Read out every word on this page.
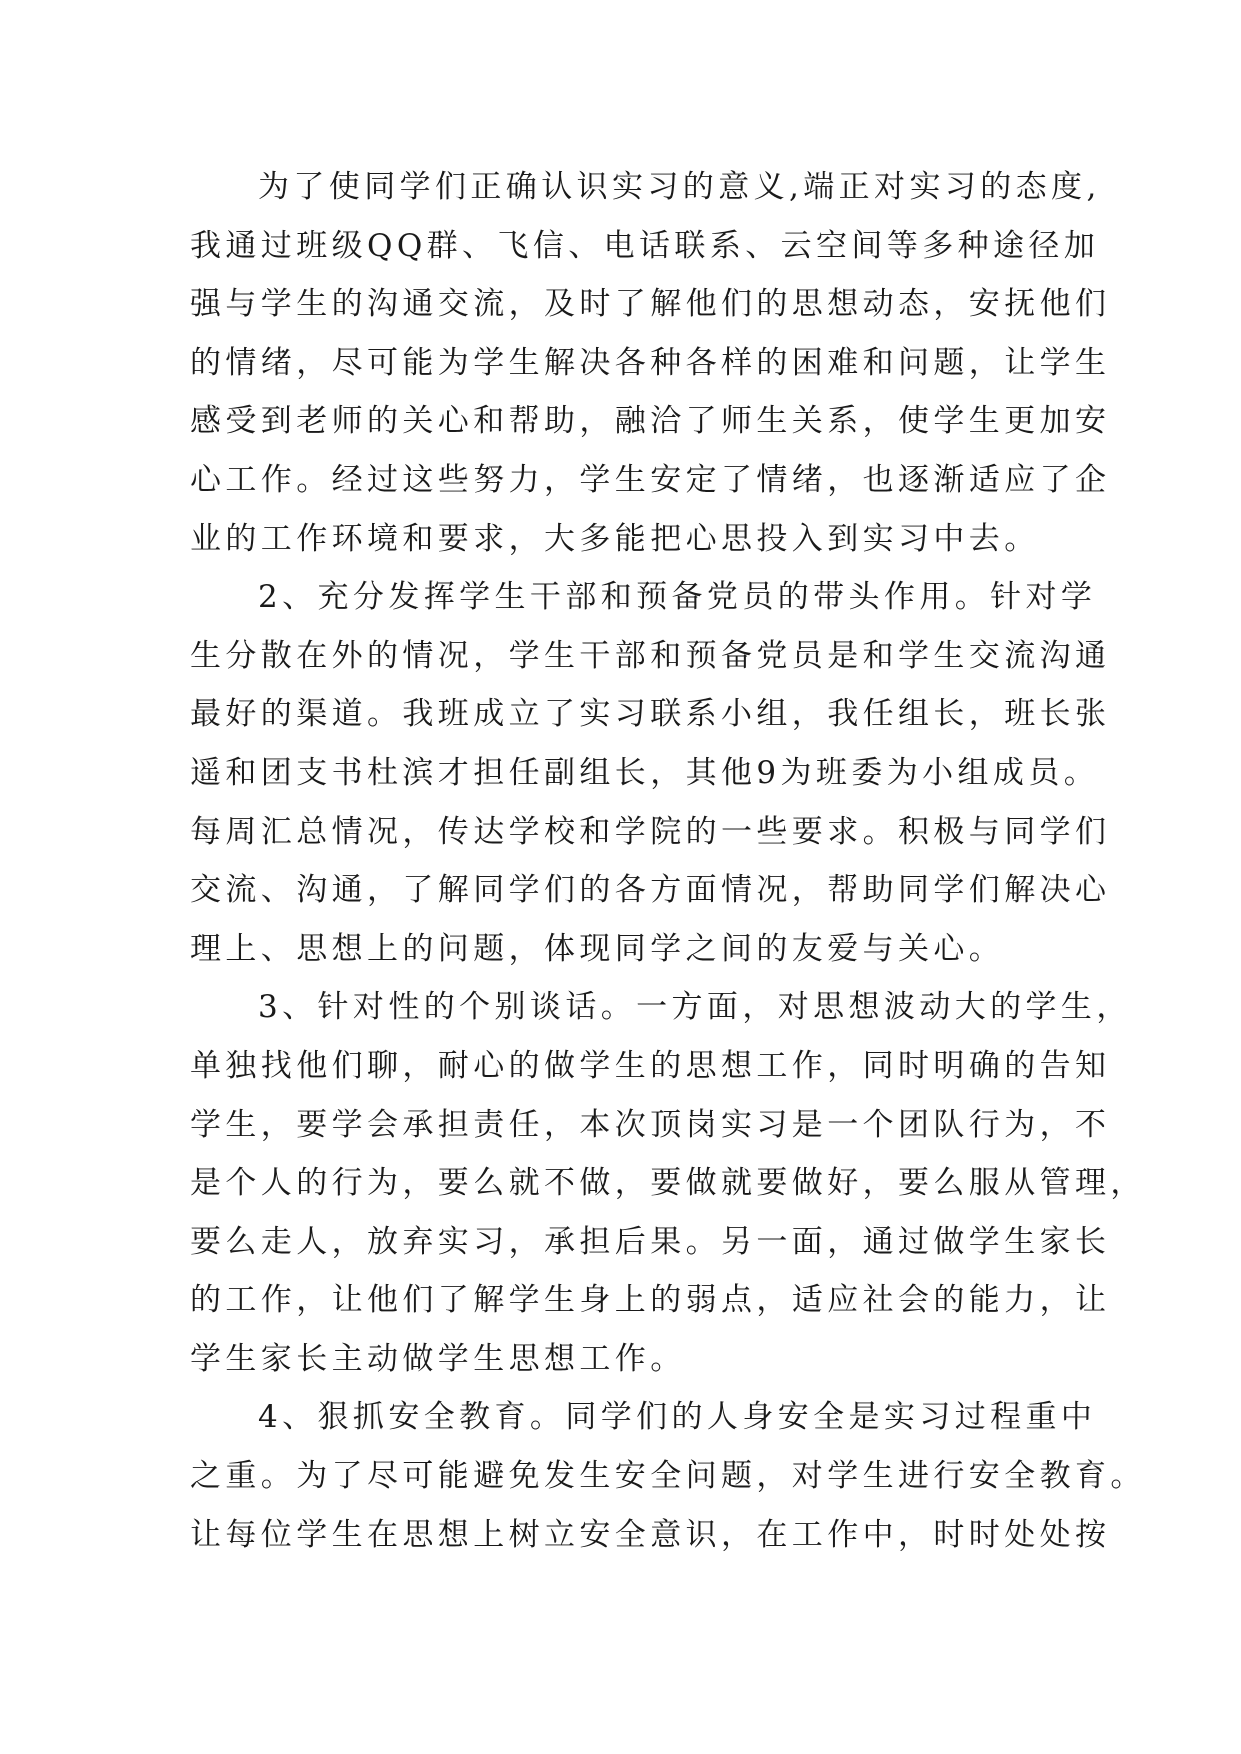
为了使同学们正确认识实习的意义,端正对实习的态度,
我通过班级QQ群、飞信、电话联系、云空间等多种途径加
强与学生的沟通交流，及时了解他们的思想动态，安抚他们
的情绪，尽可能为学生解决各种各样的困难和问题，让学生
感受到老师的关心和帮助，融洽了师生关系，使学生更加安
心工作。经过这些努力，学生安定了情绪，也逐渐适应了企
业的工作环境和要求，大多能把心思投入到实习中去。
2、充分发挥学生干部和预备党员的带头作用。针对学
生分散在外的情况，学生干部和预备党员是和学生交流沟通
最好的渠道。我班成立了实习联系小组，我任组长，班长张
遥和团支书杜滨才担任副组长，其他9为班委为小组成员。
每周汇总情况，传达学校和学院的一些要求。积极与同学们
交流、沟通，了解同学们的各方面情况，帮助同学们解决心
理上、思想上的问题，体现同学之间的友爱与关心。
3、针对性的个别谈话。一方面，对思想波动大的学生，
单独找他们聊，耐心的做学生的思想工作，同时明确的告知
学生，要学会承担责任，本次顶岗实习是一个团队行为，不
是个人的行为，要么就不做，要做就要做好，要么服从管理，
要么走人，放弃实习，承担后果。另一面，通过做学生家长
的工作，让他们了解学生身上的弱点，适应社会的能力，让
学生家长主动做学生思想工作。
4、狠抓安全教育。同学们的人身安全是实习过程重中
之重。为了尽可能避免发生安全问题，对学生进行安全教育。
让每位学生在思想上树立安全意识，在工作中，时时处处按
